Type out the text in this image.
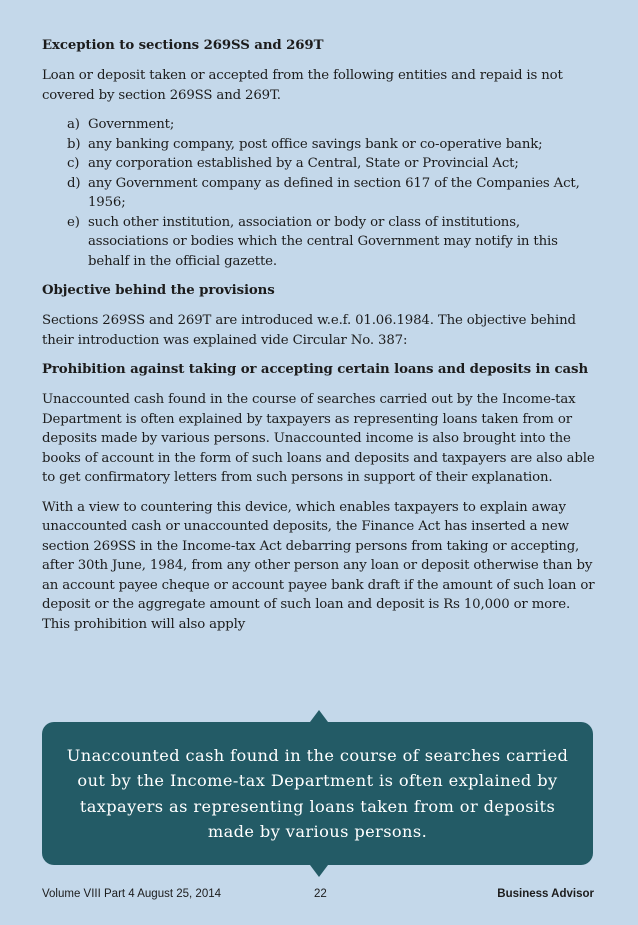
Exception to sections 269SS and 269T

Loan or deposit taken or accepted from the following entities and repaid is not covered by section 269SS and 269T.

a) Government;
b) any banking company, post office savings bank or co-operative bank;
c) any corporation established by a Central, State or Provincial Act;
d) any Government company as defined in section 617 of the Companies Act, 1956;
e) such other institution, association or body or class of institutions, associations or bodies which the central Government may notify in this behalf in the official gazette.
Objective behind the provisions

Sections 269SS and 269T are introduced w.e.f. 01.06.1984. The objective behind their introduction was explained vide Circular No. 387:

Prohibition against taking or accepting certain loans and deposits in cash

Unaccounted cash found in the course of searches carried out by the Income-tax Department is often explained by taxpayers as representing loans taken from or deposits made by various persons. Unaccounted income is also brought into the books of account in the form of such loans and deposits and taxpayers are also able to get confirmatory letters from such persons in support of their explanation.

With a view to countering this device, which enables taxpayers to explain away unaccounted cash or unaccounted deposits, the Finance Act has inserted a new section 269SS in the Income-tax Act debarring persons from taking or accepting, after 30th June, 1984, from any other person any loan or deposit otherwise than by an account payee cheque or account payee bank draft if the amount of such loan or deposit or the aggregate amount of such loan and deposit is Rs 10,000 or more. This prohibition will also apply

Unaccounted cash found in the course of searches carried out by the Income-tax Department is often explained by taxpayers as representing loans taken from or deposits made by various persons.
Volume VIII Part 4 August 25, 2014	22	Business Advisor
